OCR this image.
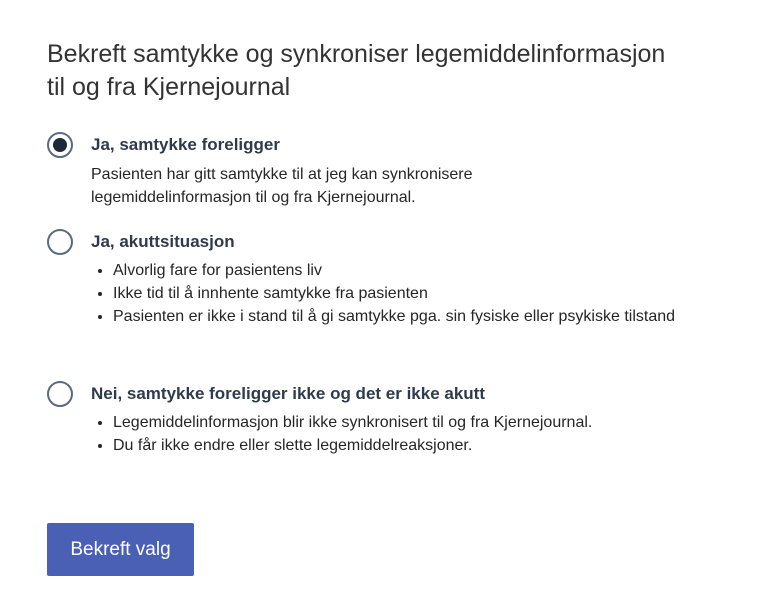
Bekreft samtykke og synkroniser legemiddelinformasjon til og fra Kjernejournal
Ja, samtykke foreligger
Pasienten har gitt samtykke til at jeg kan synkronisere legemiddelinformasjon til og fra Kjernejournal.
Ja, akuttsituasjon
• Alvorlig fare for pasientens liv
• Ikke tid til å innhente samtykke fra pasienten
• Pasienten er ikke i stand til å gi samtykke pga. sin fysiske eller psykiske tilstand
Nei, samtykke foreligger ikke og det er ikke akutt
• Legemiddelinformasjon blir ikke synkronisert til og fra Kjernejournal.
• Du får ikke endre eller slette legemiddelreaksjoner.
Bekreft valg
